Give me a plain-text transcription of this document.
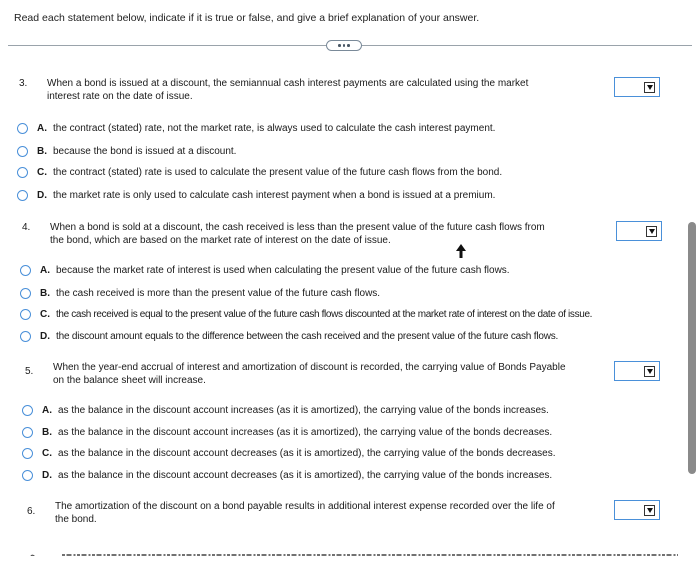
Read each statement below, indicate if it is true or false, and give a brief explanation of your answer.
3. When a bond is issued at a discount, the semiannual cash interest payments are calculated using the market
interest rate on the date of issue.
A. the contract (stated) rate, not the market rate, is always used to calculate the cash interest payment.
B. because the bond is issued at a discount.
C. the contract (stated) rate is used to calculate the present value of the future cash flows from the bond.
D. the market rate is only used to calculate cash interest payment when a bond is issued at a premium.
4. When a bond is sold at a discount, the cash received is less than the present value of the future cash flows from
the bond, which are based on the market rate of interest on the date of issue.
A. because the market rate of interest is used when calculating the present value of the future cash flows.
B. the cash received is more than the present value of the future cash flows.
C. the cash received is equal to the present value of the future cash flows discounted at the market rate of interest on the date of issue.
D. the discount amount equals to the difference between the cash received and the present value of the future cash flows.
5. When the year-end accrual of interest and amortization of discount is recorded, the carrying value of Bonds Payable
on the balance sheet will increase.
A. as the balance in the discount account increases (as it is amortized), the carrying value of the bonds increases.
B. as the balance in the discount account increases (as it is amortized), the carrying value of the bonds decreases.
C. as the balance in the discount account decreases (as it is amortized), the carrying value of the bonds decreases.
D. as the balance in the discount account decreases (as it is amortized), the carrying value of the bonds increases.
6. The amortization of the discount on a bond payable results in additional interest expense recorded over the life of
the bond.
